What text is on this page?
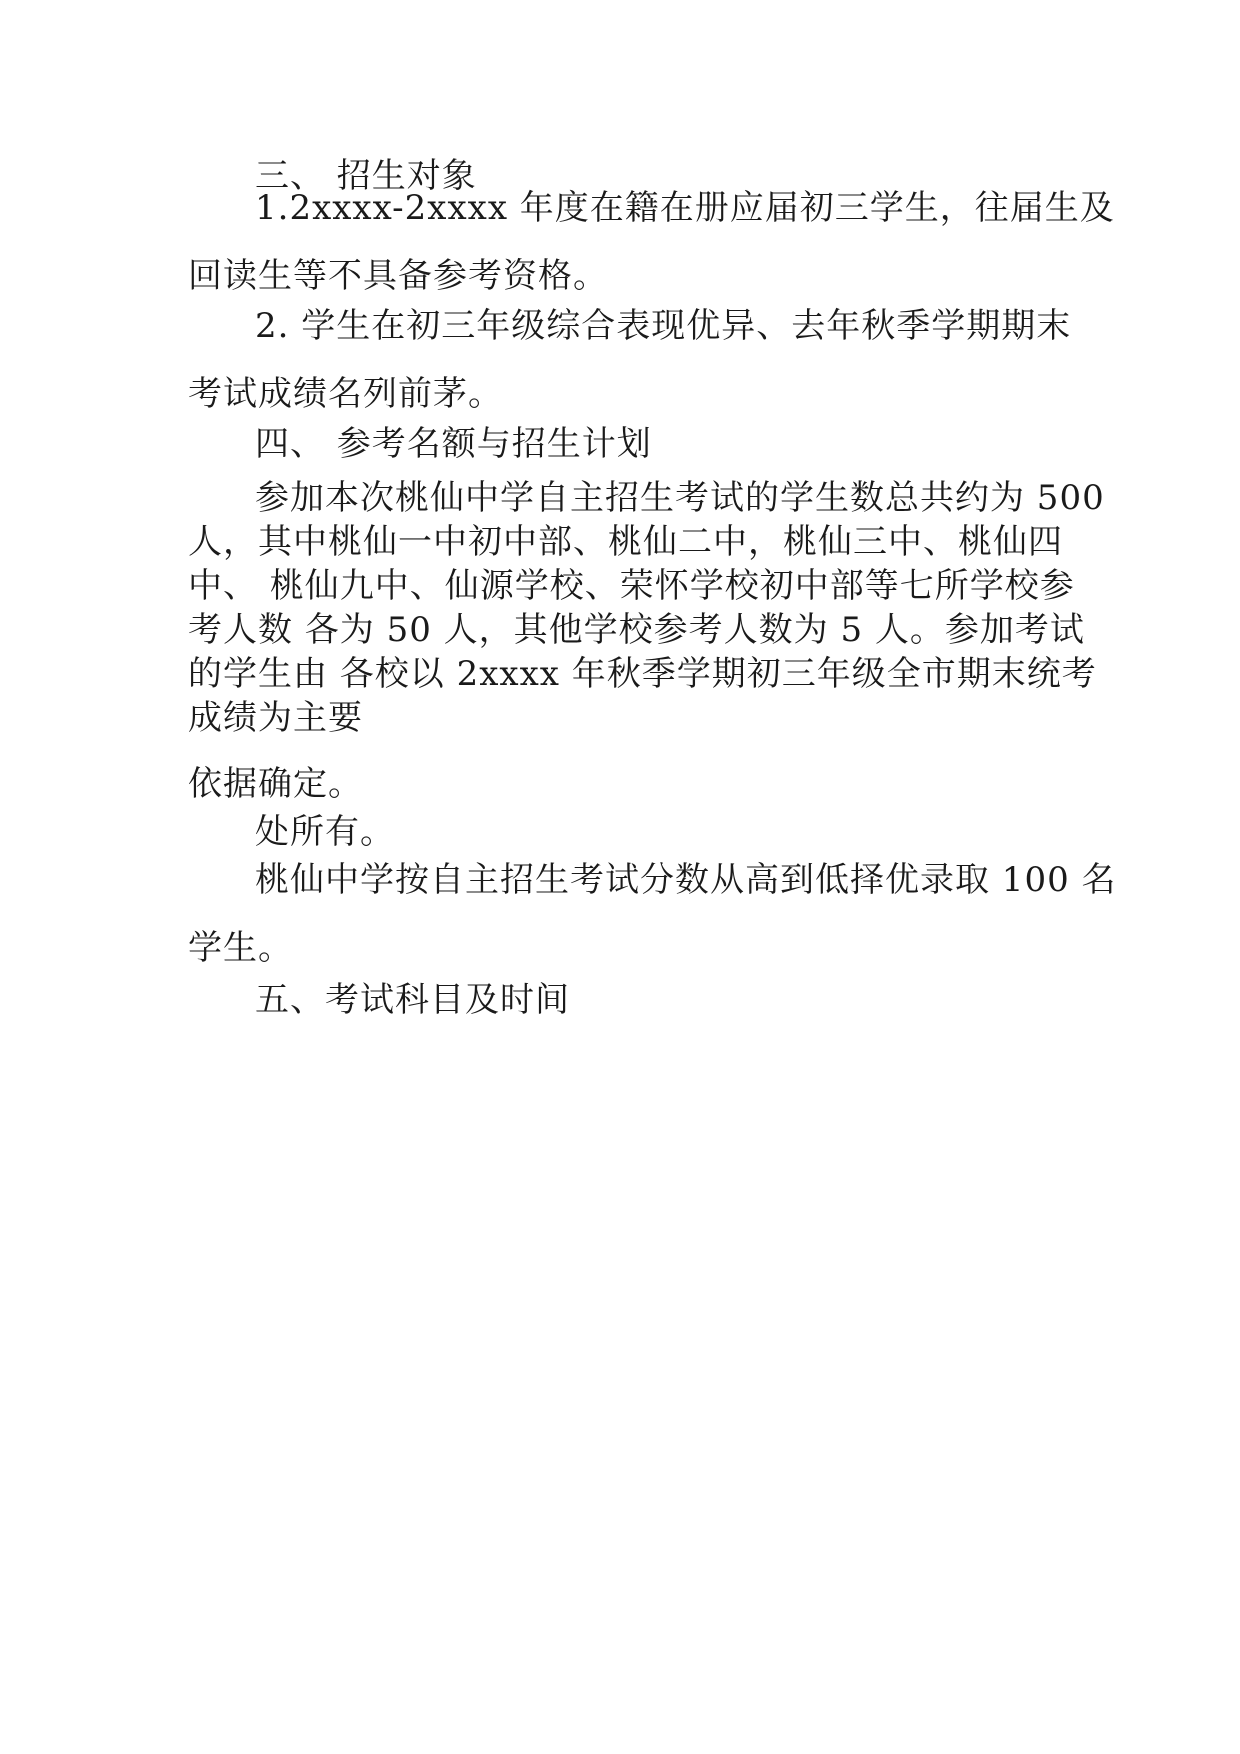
三、 招生对象
1.2xxxx-2xxxx 年度在籍在册应届初三学生，往届生及
回读生等不具备参考资格。
2. 学生在初三年级综合表现优异、去年秋季学期期末
考试成绩名列前茅。
四、 参考名额与招生计划
参加本次桃仙中学自主招生考试的学生数总共约为 500
人，其中桃仙一中初中部、桃仙二中，桃仙三中、桃仙四
中、 桃仙九中、仙源学校、荣怀学校初中部等七所学校参
考人数 各为 50 人，其他学校参考人数为 5 人。参加考试
的学生由 各校以 2xxxx 年秋季学期初三年级全市期末统考
成绩为主要
依据确定。
处所有。
桃仙中学按自主招生考试分数从高到低择优录取 100 名
学生。
五、考试科目及时间
